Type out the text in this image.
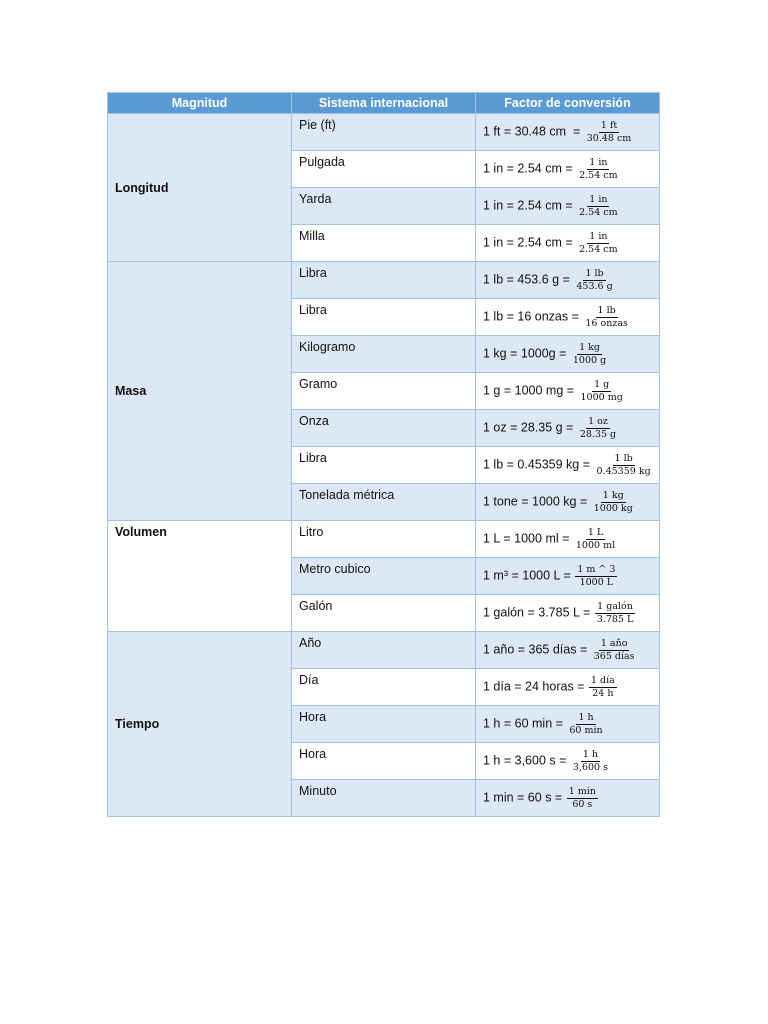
Magnitud	Sistema internacional	Factor de conversión
Longitud	Pie (ft)	1 ft = 30.48 cm  = $\frac{1 ft}{30.48 cm}$

	Pulgada	1 in = 2.54 cm = $\frac{1 in}{2.54 cm}$

	Yarda	1 in = 2.54 cm = $\frac{1 in}{2.54 cm}$

	Milla	1 in = 2.54 cm = $\frac{1 in}{2.54 cm}$

Masa	Libra	1 lb = 453.6 $g = \frac{1 lb}{453.6 g}$

	Libra	1 lb = 16 onzas = $\frac{1 lb}{\text{16 onzas}}$

	Kilogramo	1 kg = $1000g = \frac{1 kg}{1000 g}$

	Gramo	1 g = 1000 mg = $\frac{1 g}{1000 mg}$

	Onza	1 oz = 28.35 $g = \frac{1 oz}{28.35 g}$

	Libra	1 lb = 0.45359 kg = $\frac{1 lb}{0.45359 kg}$

	Tonelada métrica	1 tone = 1000 kg = $\frac{1 kg}{1000 kg}$

Volumen	Litro	1 L = 1000 ml = $\frac{1 L}{1000 ml}$

	Metro cubico	1 m³ = 1000 $L = \frac{1 m \^{} 3}{1000 L}$

	Galón	1 galón = 3.785 $L = \frac{\text{1 galón}}{3.785 L}$

Tiempo	Año	1 año = 365 días = $\frac{\text{1 año}}{\text{365 días}}$

	Día	1 día = 24 horas = $\frac{\text{1 día}}{24 h}$

	Hora	1 h = 60 $\min = \frac{1 h}{60 \min}$

	Hora	1 h = 3,600 $s = \frac{1 h}{3,600 s}$

	Minuto	1 min = 60 $s = \frac{1 \min}{60 s}$
